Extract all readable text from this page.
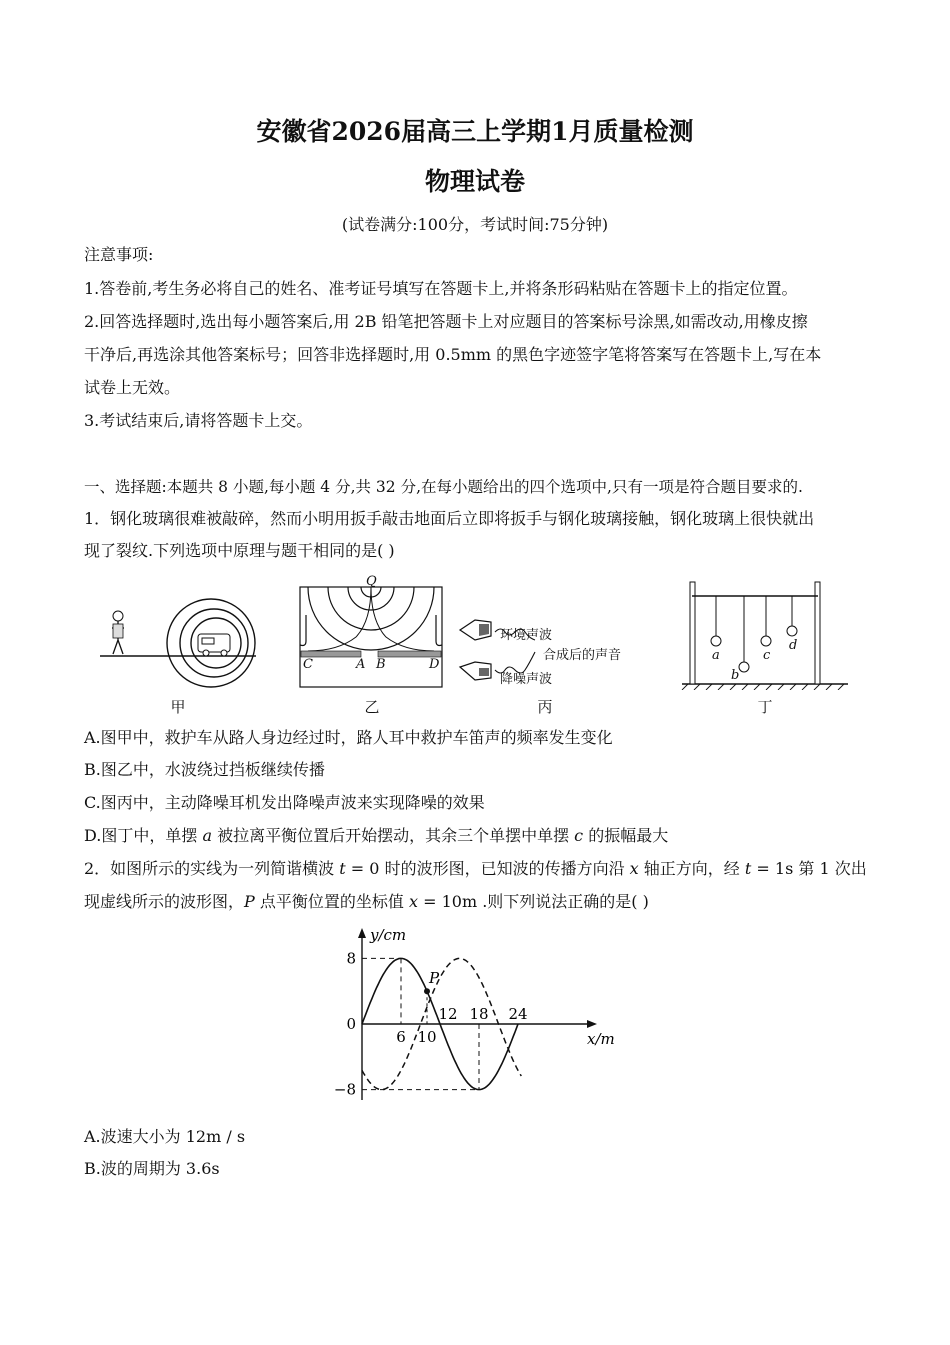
安徽省2026届高三上学期1月质量检测
物理试卷
(试卷满分:100分，考试时间:75分钟)
注意事项:
1.答卷前,考生务必将自己的姓名、准考证号填写在答题卡上,并将条形码粘贴在答题卡上的指定位置。
2.回答选择题时,选出每小题答案后,用 2B 铅笔把答题卡上对应题目的答案标号涂黑,如需改动,用橡皮擦
干净后,再选涂其他答案标号；回答非选择题时,用 0.5mm 的黑色字迹签字笔将答案写在答题卡上,写在本
试卷上无效。
3.考试结束后,请将答题卡上交。
一、选择题:本题共 8 小题,每小题 4 分,共 32 分,在每小题给出的四个选项中,只有一项是符合题目要求的.
1．钢化玻璃很难被敲碎，然而小明用扳手敲击地面后立即将扳手与钢化玻璃接触，钢化玻璃上很快就出
现了裂纹.下列选项中原理与题干相同的是( )
甲
Q
C	A B	D
乙
环境声波
合成后的声音
降噪声波
丙
a
b
c
d
丁
A.图甲中，救护车从路人身边经过时，路人耳中救护车笛声的频率发生变化
B.图乙中，水波绕过挡板继续传播
C.图丙中，主动降噪耳机发出降噪声波来实现降噪的效果
D.图丁中，单摆 a 被拉离平衡位置后开始摆动，其余三个单摆中单摆 c 的振幅最大
2．如图所示的实线为一列简谐横波 t = 0 时的波形图，已知波的传播方向沿 x 轴正方向，经 t = 1s 第 1 次出
现虚线所示的波形图，P 点平衡位置的坐标值 x = 10m .则下列说法正确的是( )
y/cm
x/m
8
0
−8
6 10
12 18 24
P
A.波速大小为 12m / s
B.波的周期为 3.6s
